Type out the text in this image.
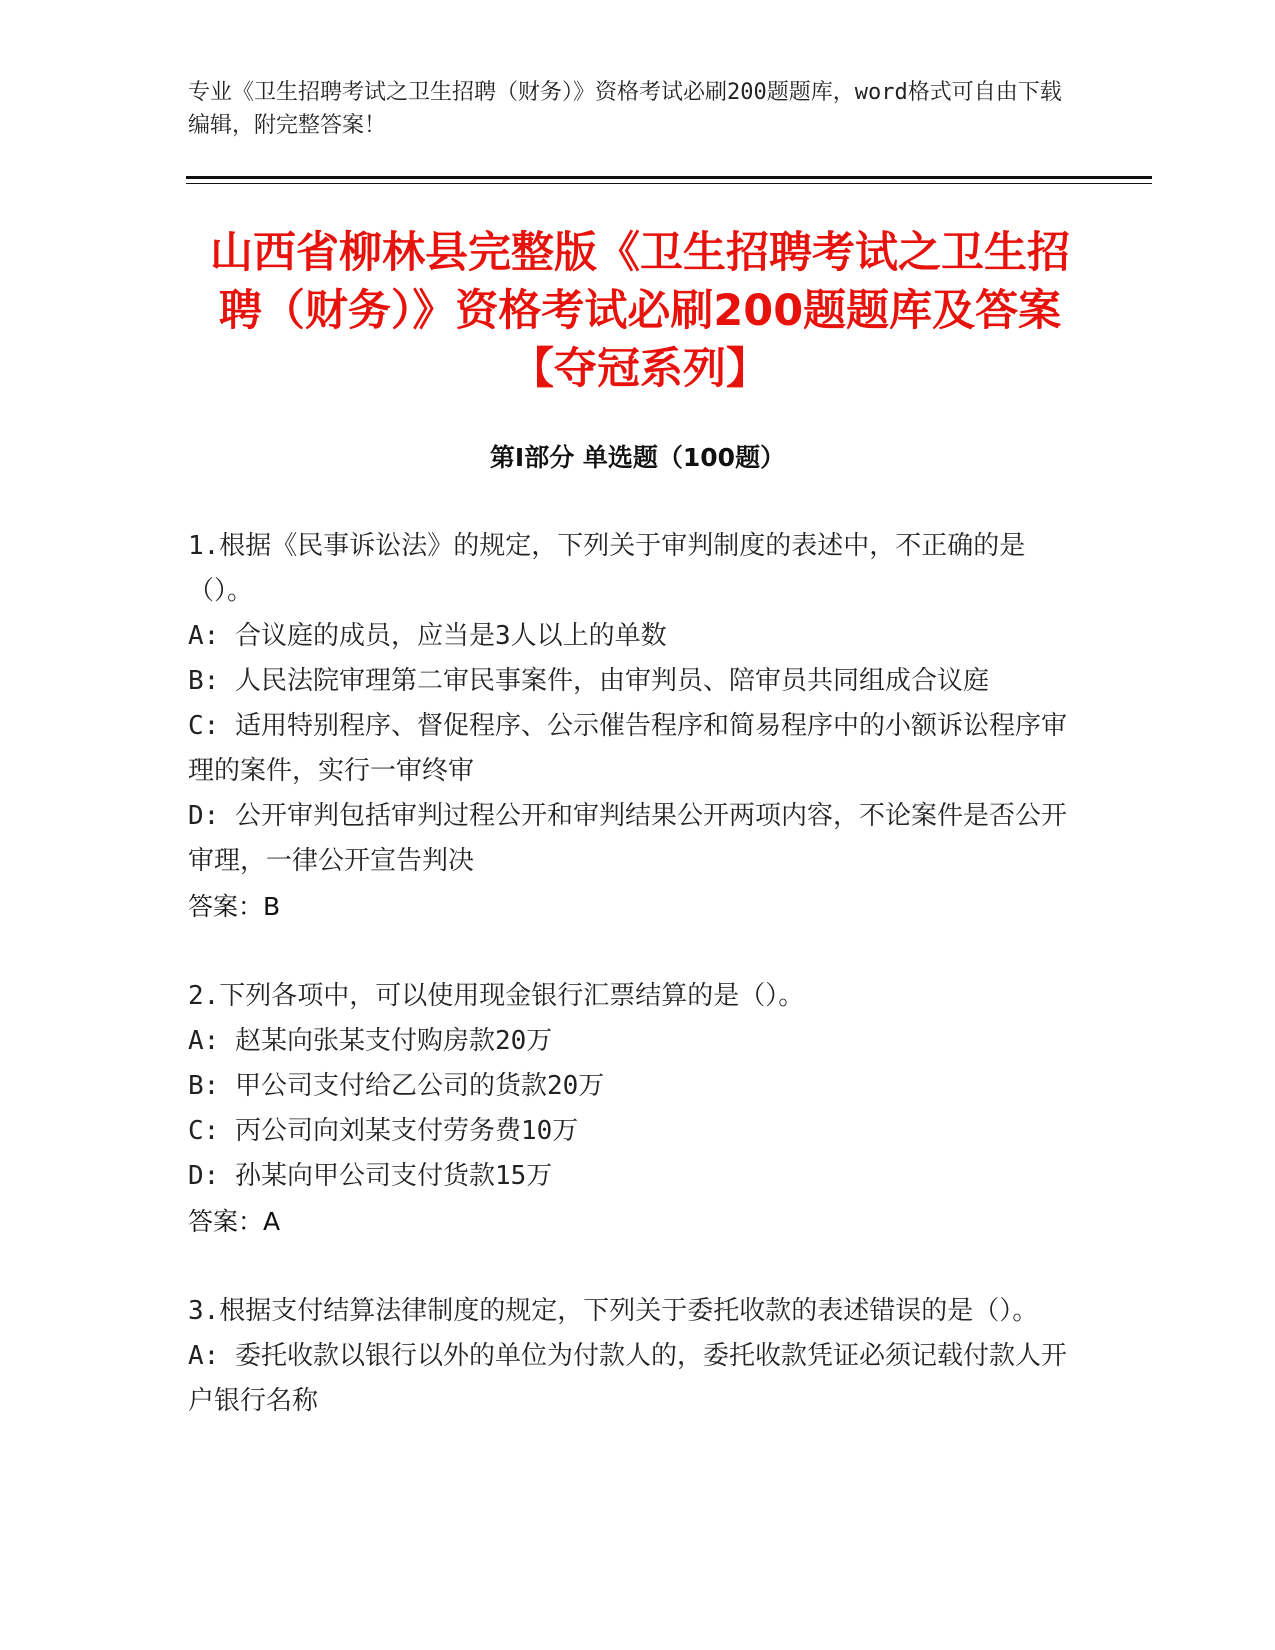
专业《卫生招聘考试之卫生招聘（财务）》资格考试必刷200题题库，word格式可自由下载编辑，附完整答案！
山西省柳林县完整版《卫生招聘考试之卫生招聘（财务）》资格考试必刷200题题库及答案【夺冠系列】
第Ⅰ部分 单选题（100题）

1.根据《民事诉讼法》的规定，下列关于审判制度的表述中，不正确的是（）。

A: 合议庭的成员，应当是3人以上的单数

B: 人民法院审理第二审民事案件，由审判员、陪审员共同组成合议庭

C: 适用特别程序、督促程序、公示催告程序和简易程序中的小额诉讼程序审理的案件，实行一审终审

D: 公开审判包括审判过程公开和审判结果公开两项内容，不论案件是否公开审理，一律公开宣告判决

答案：B

2.下列各项中，可以使用现金银行汇票结算的是（）。

A: 赵某向张某支付购房款20万

B: 甲公司支付给乙公司的货款20万

C: 丙公司向刘某支付劳务费10万

D: 孙某向甲公司支付货款15万

答案：A

3.根据支付结算法律制度的规定，下列关于委托收款的表述错误的是（）。

A: 委托收款以银行以外的单位为付款人的，委托收款凭证必须记载付款人开户银行名称
